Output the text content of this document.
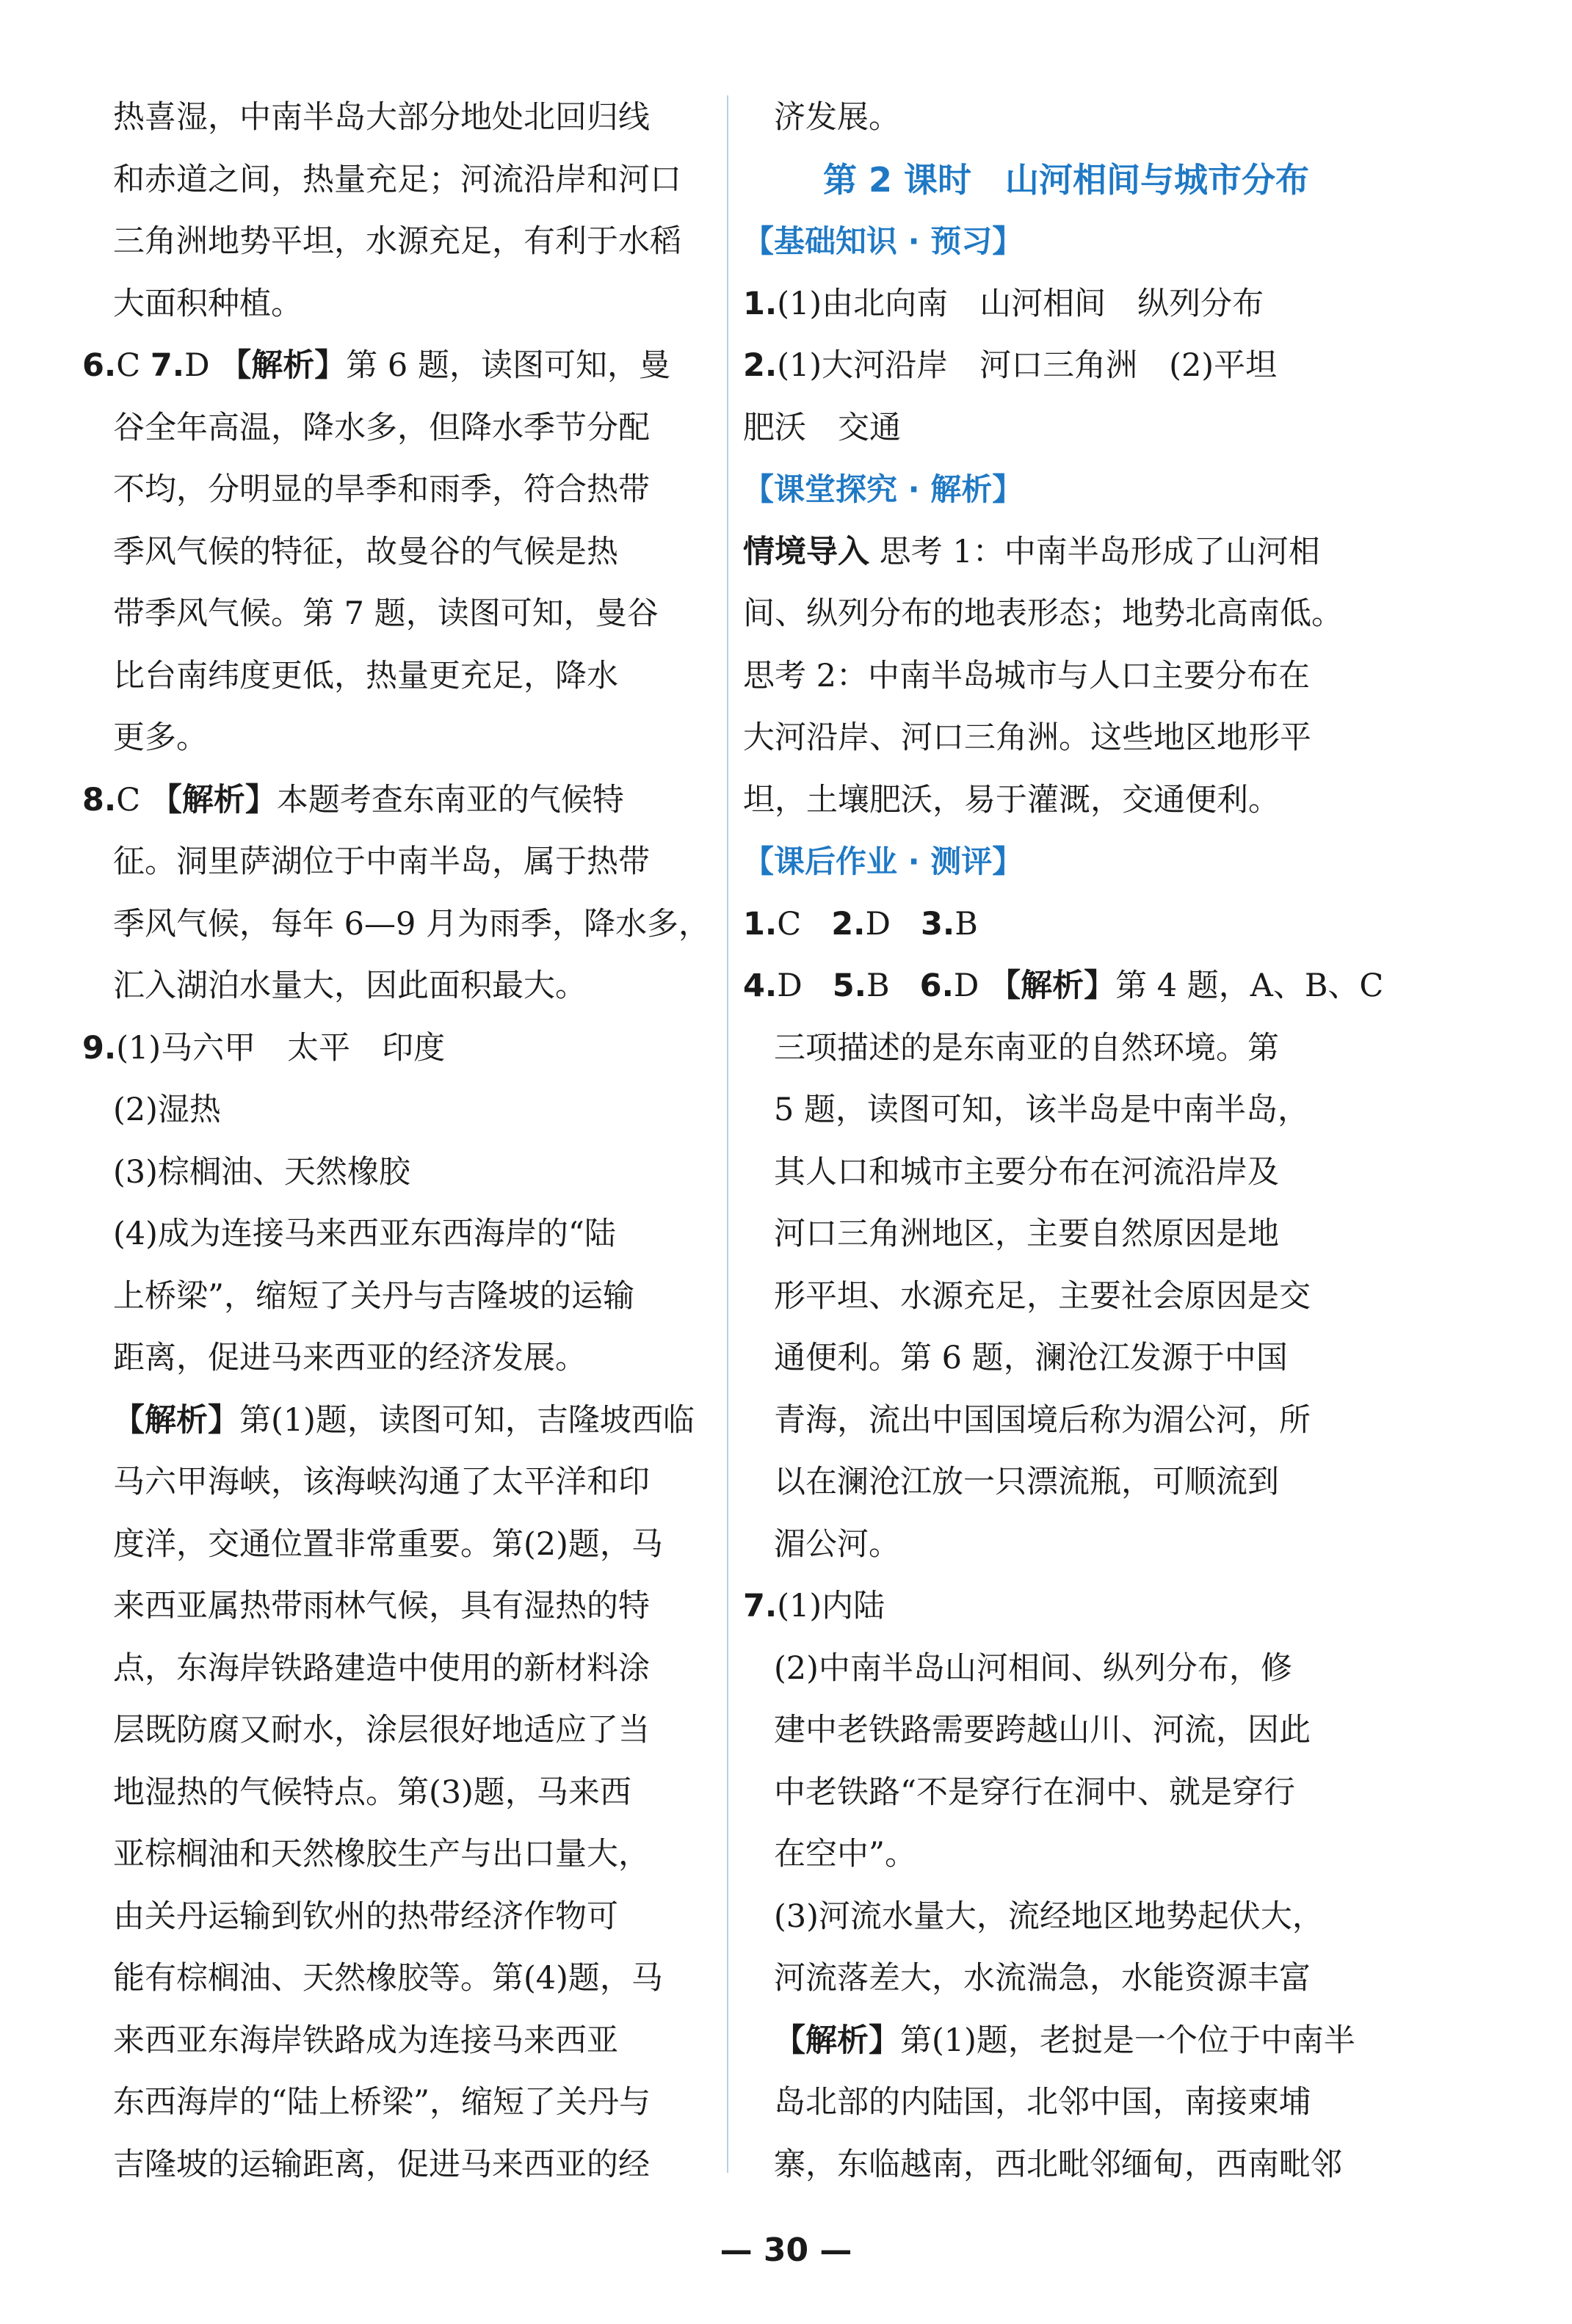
热喜湿，中南半岛大部分地处北回归线
和赤道之间，热量充足；河流沿岸和河口
三角洲地势平坦，水源充足，有利于水稻
大面积种植。
6.C 7.D 【解析】第 6 题，读图可知，曼
谷全年高温，降水多，但降水季节分配
不均，分明显的旱季和雨季，符合热带
季风气候的特征，故曼谷的气候是热
带季风气候。第 7 题，读图可知，曼谷
比台南纬度更低，热量更充足，降水
更多。
8.C 【解析】本题考查东南亚的气候特
征。洞里萨湖位于中南半岛，属于热带
季风气候，每年 6—9 月为雨季，降水多，
汇入湖泊水量大，因此面积最大。
9.(1)马六甲　太平　印度
(2)湿热
(3)棕榈油、天然橡胶
(4)成为连接马来西亚东西海岸的“陆
上桥梁”，缩短了关丹与吉隆坡的运输
距离，促进马来西亚的经济发展。
【解析】第(1)题，读图可知，吉隆坡西临
马六甲海峡，该海峡沟通了太平洋和印
度洋，交通位置非常重要。第(2)题，马
来西亚属热带雨林气候，具有湿热的特
点，东海岸铁路建造中使用的新材料涂
层既防腐又耐水，涂层很好地适应了当
地湿热的气候特点。第(3)题，马来西
亚棕榈油和天然橡胶生产与出口量大，
由关丹运输到钦州的热带经济作物可
能有棕榈油、天然橡胶等。第(4)题，马
来西亚东海岸铁路成为连接马来西亚
东西海岸的“陆上桥梁”，缩短了关丹与
吉隆坡的运输距离，促进马来西亚的经
济发展。
第 2 课时　山河相间与城市分布
【基础知识 · 预习】
1.(1)由北向南　山河相间　纵列分布
2.(1)大河沿岸　河口三角洲　(2)平坦
肥沃　交通
【课堂探究 · 解析】
情境导入 思考 1：中南半岛形成了山河相
间、纵列分布的地表形态；地势北高南低。
思考 2：中南半岛城市与人口主要分布在
大河沿岸、河口三角洲。这些地区地形平
坦，土壤肥沃，易于灌溉，交通便利。
【课后作业 · 测评】
1.C 2.D 3.B
4.D 5.B 6.D 【解析】第 4 题，A、B、C
三项描述的是东南亚的自然环境。第
5 题，读图可知，该半岛是中南半岛，
其人口和城市主要分布在河流沿岸及
河口三角洲地区，主要自然原因是地
形平坦、水源充足，主要社会原因是交
通便利。第 6 题，澜沧江发源于中国
青海，流出中国国境后称为湄公河，所
以在澜沧江放一只漂流瓶，可顺流到
湄公河。
7.(1)内陆
(2)中南半岛山河相间、纵列分布，修
建中老铁路需要跨越山川、河流，因此
中老铁路“不是穿行在洞中、就是穿行
在空中”。
(3)河流水量大，流经地区地势起伏大，
河流落差大，水流湍急，水能资源丰富
【解析】第(1)题，老挝是一个位于中南半
岛北部的内陆国，北邻中国，南接柬埔
寨，东临越南，西北毗邻缅甸，西南毗邻
— 30 —
